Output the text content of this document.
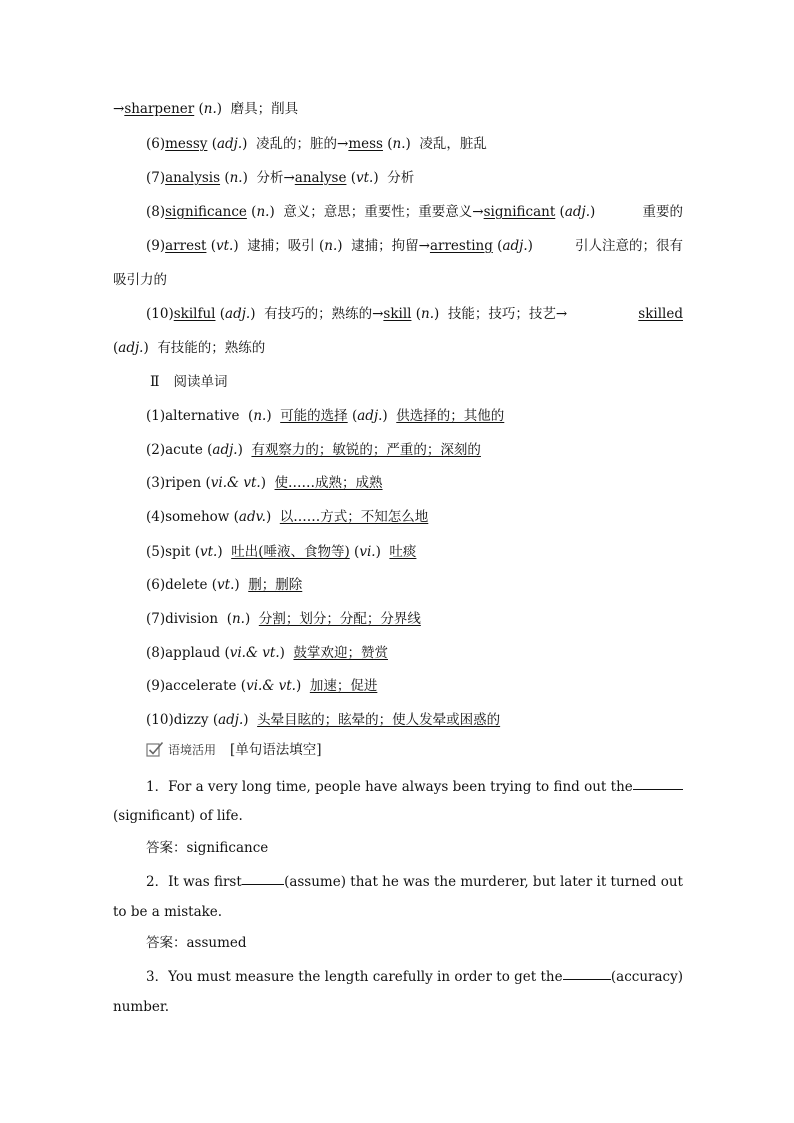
→sharpener (n.)  磨具；削具
(6)messy (adj.)  凌乱的；脏的→mess (n.)  凌乱，脏乱
(7)analysis (n.)  分析→analyse (vt.)  分析
(8)significance (n.)  意义；意思；重要性；重要意义→significant (adj.)	重要的
(9)arrest (vt.)  逮捕；吸引 (n.)  逮捕；拘留→arresting (adj.)	引人注意的；很有
吸引力的
(10)skilful (adj.)  有技巧的；熟练的→skill (n.)  技能；技巧；技艺→	skilled
(adj.)  有技能的；熟练的
Ⅱ 阅读单词
(1)alternative  (n.)  可能的选择 (adj.)  供选择的；其他的
(2)acute (adj.)  有观察力的；敏锐的；严重的；深刻的
(3)ripen (vi.& vt.)  使……成熟；成熟
(4)somehow (adv.)  以……方式；不知怎么地
(5)spit (vt.)  吐出(唾液、食物等) (vi.)  吐痰
(6)delete (vt.)  删；删除
(7)division  (n.)  分割；划分；分配；分界线
(8)applaud (vi.& vt.)  鼓掌欢迎；赞赏
(9)accelerate (vi.& vt.)  加速；促进
(10)dizzy (adj.)  头晕目眩的；眩晕的；使人发晕或困惑的
语境活用 [单句语法填空]
1．For a very long time, people have always been trying to find out the
(significant) of life.
答案：significance
2．It was first	(assume) that he was the murderer, but later it turned out
to be a mistake.
答案：assumed
3．You must measure the length carefully in order to get the	(accuracy)
number.
